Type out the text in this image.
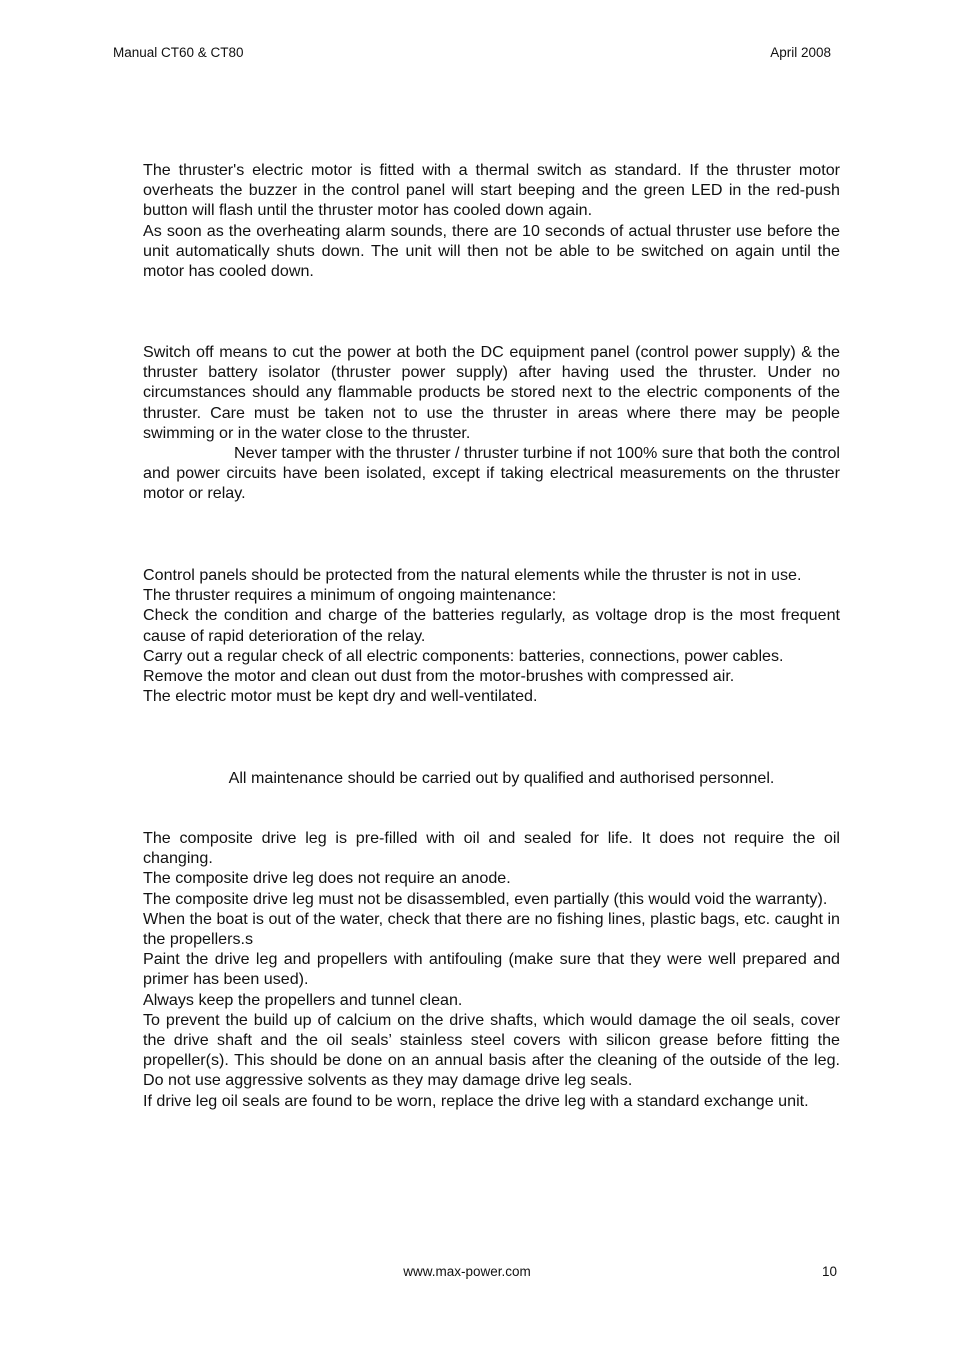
Manual CT60 & CT80	April 2008
The thruster's electric motor is fitted with a thermal switch as standard. If the thruster motor overheats the buzzer in the control panel will start beeping and the green LED in the red-push button will flash until the thruster motor has cooled down again.
As soon as the overheating alarm sounds, there are 10 seconds of actual thruster use before the unit automatically shuts down. The unit will then not be able to be switched on again until the motor has cooled down.
Switch off means to cut the power at both the DC equipment panel (control power supply) & the thruster battery isolator (thruster power supply) after having used the thruster. Under no circumstances should any flammable products be stored next to the electric components of the thruster. Care must be taken not to use the thruster in areas where there may be people swimming or in the water close to the thruster.
Never tamper with the thruster / thruster turbine if not 100% sure that both the control and power circuits have been isolated, except if taking electrical measurements on the thruster motor or relay.
Control panels should be protected from the natural elements while the thruster is not in use.
The thruster requires a minimum of ongoing maintenance:
Check the condition and charge of the batteries regularly, as voltage drop is the most frequent cause of rapid deterioration of the relay.
Carry out a regular check of all electric components: batteries, connections, power cables.
Remove the motor and clean out dust from the motor-brushes with compressed air.
The electric motor must be kept dry and well-ventilated.
All maintenance should be carried out by qualified and authorised personnel.
The composite drive leg is pre-filled with oil and sealed for life. It does not require the oil changing.
The composite drive leg does not require an anode.
The composite drive leg must not be disassembled, even partially (this would void the warranty).
When the boat is out of the water, check that there are no fishing lines, plastic bags, etc. caught in the propellers.s
Paint the drive leg and propellers with antifouling (make sure that they were well prepared and primer has been used).
Always keep the propellers and tunnel clean.
To prevent the build up of calcium on the drive shafts, which would damage the oil seals, cover the drive shaft and the oil seals’ stainless steel covers with silicon grease before fitting the propeller(s). This should be done on an annual basis after the cleaning of the outside of the leg. Do not use aggressive solvents as they may damage drive leg seals.
If drive leg oil seals are found to be worn, replace the drive leg with a standard exchange unit.
www.max-power.com	10
